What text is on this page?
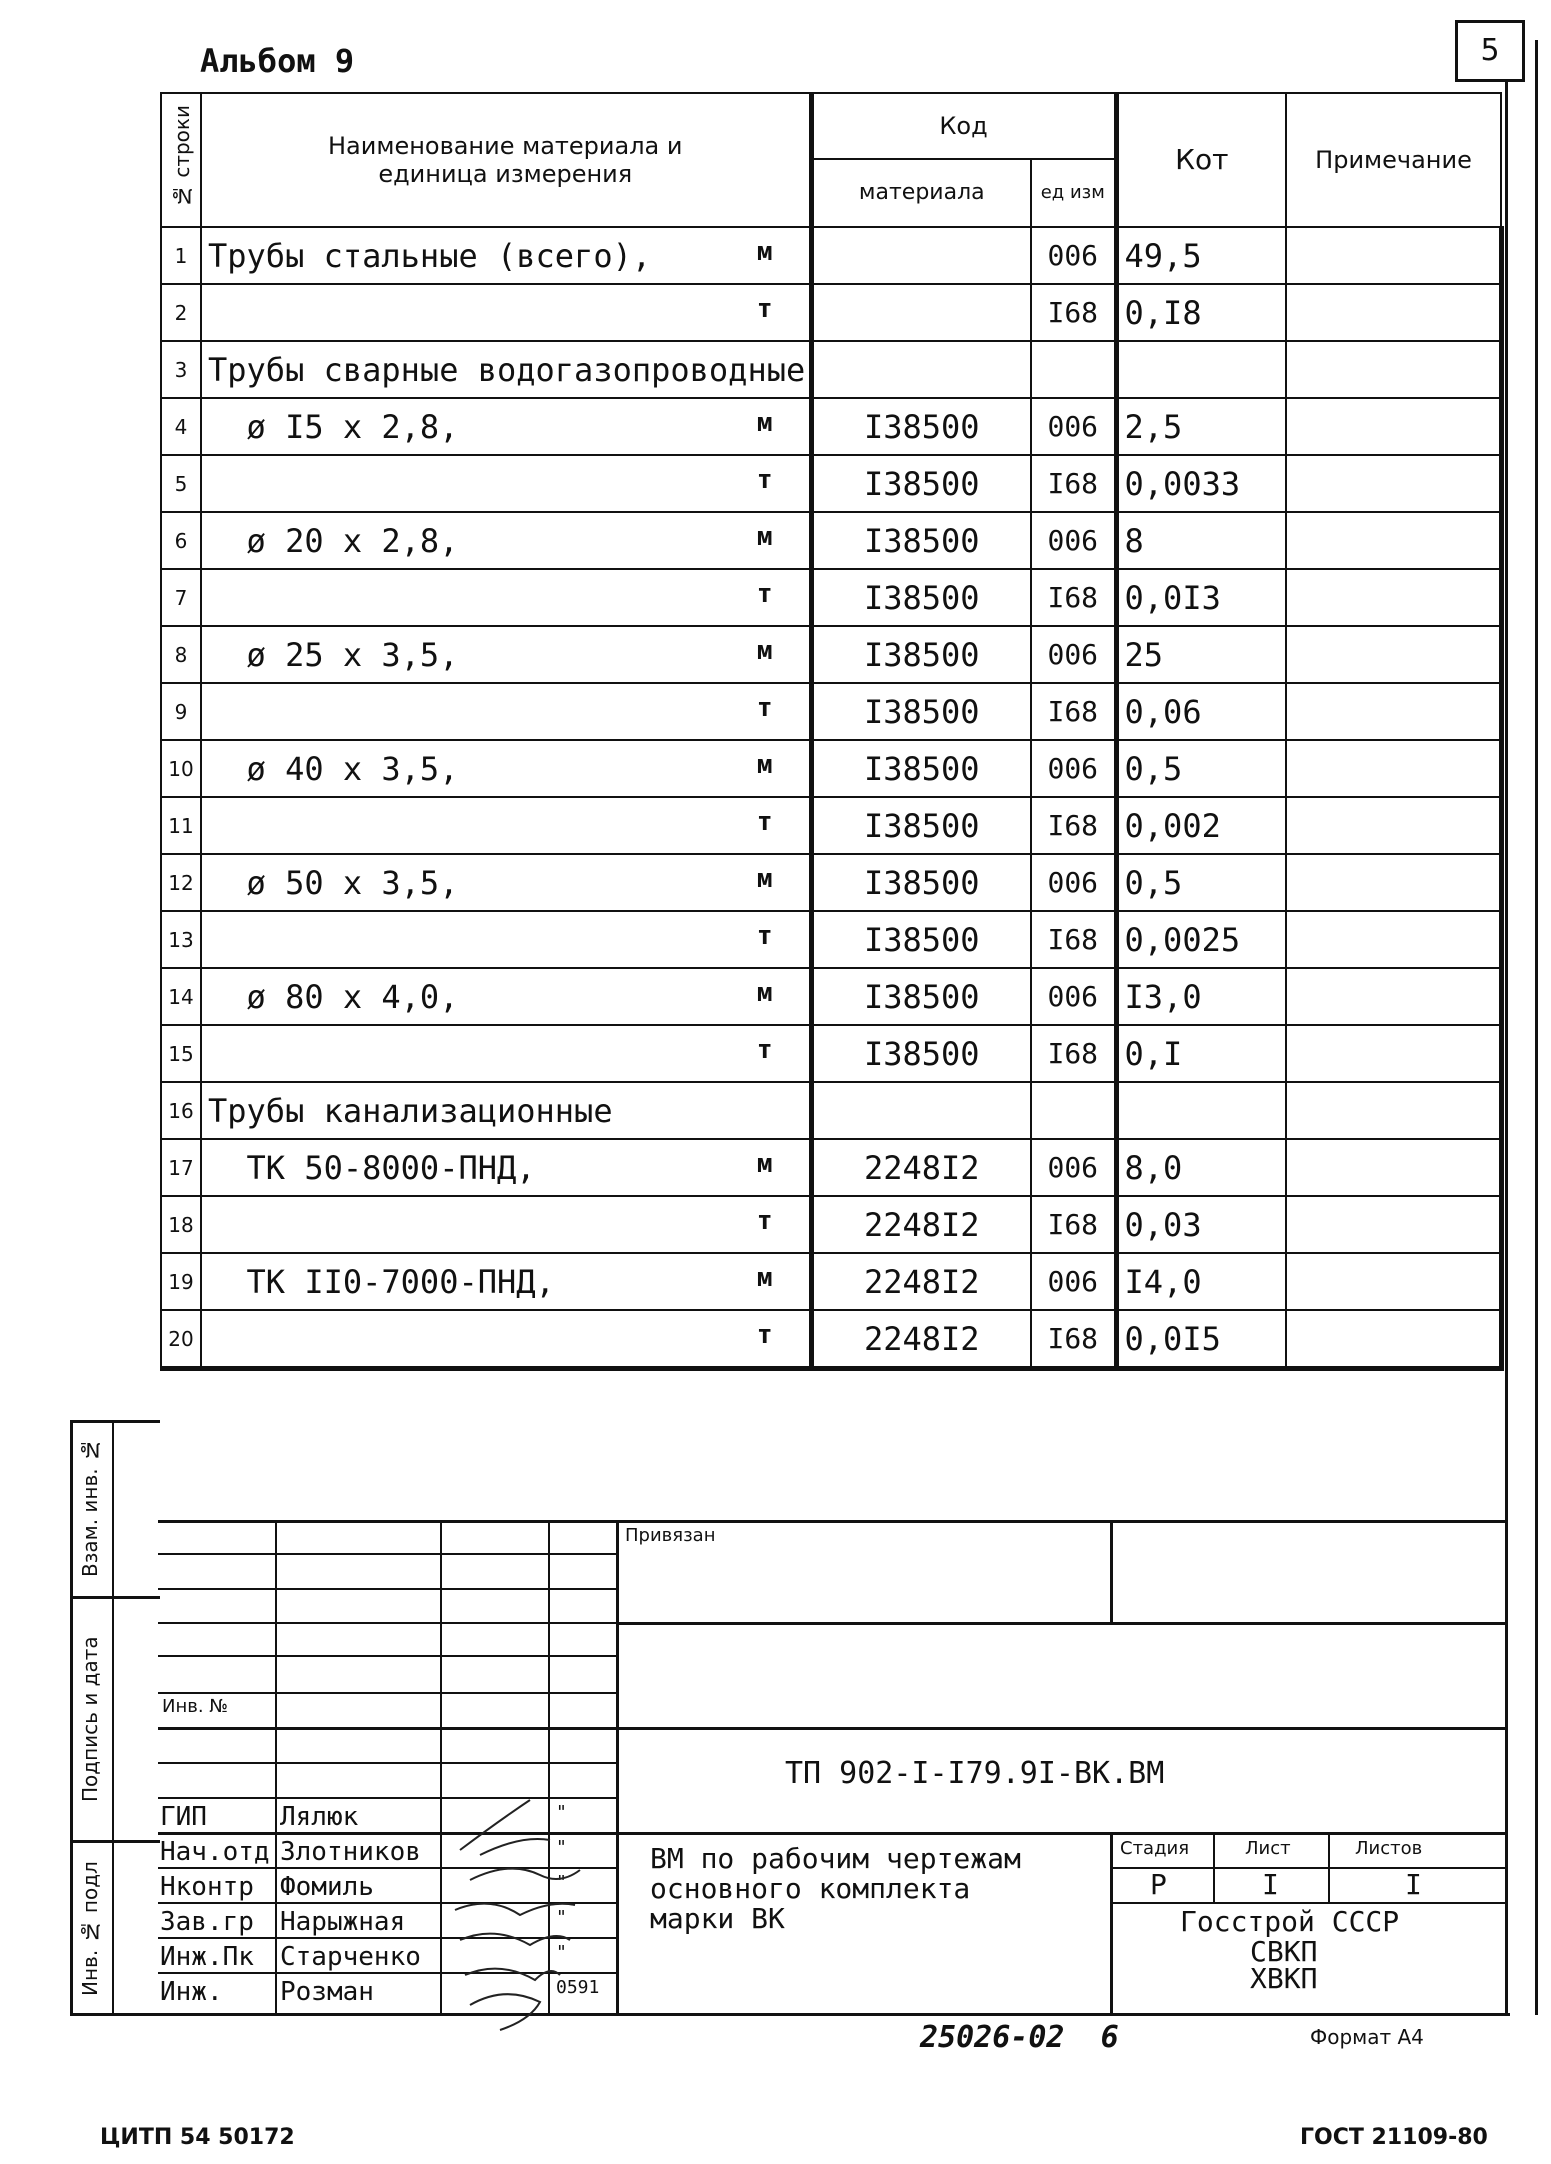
Альбом 9	5
№ строки	Наименование материала и единица измерения	Код		Кот	Примечание
		материала	ед изм		
1	Трубы стальные (всего), м		006	49,5	
2	т		I68	0,I8	
3	Трубы сварные водогазопроводные

4	ø I5 x 2,8, м	I38500	006	2,5	
5	т	I38500	I68	0,0033	
6	ø 20 x 2,8, м	I38500	006	8	
7	т	I38500	I68	0,0I3	
8	ø 25 x 3,5, м	I38500	006	25	
9	т	I38500	I68	0,06	
10	ø 40 x 3,5, м	I38500	006	0,5	
11	т	I38500	I68	0,002	
12	ø 50 x 3,5, м	I38500	006	0,5	
13	т	I38500	I68	0,0025	
14	ø 80 x 4,0, м	I38500	006	I3,0	
15	т	I38500	I68	0,I	
16	Трубы канализационные

17	ТК 50-8000-ПНД, м	2248I2	006	8,0	
18	т	2248I2	I68	0,03	
19	ТК II0-7000-ПНД, м	2248I2	006	I4,0	
20	т	2248I2	I68	0,0I5	
Взам. инв. №
Подпись и дата
Инв. № подл
Привязан
Инв. №
ТП 902-I-I79.9I-ВК.ВМ
ВМ по рабочим чертежам
основного комплекта
марки ВК
Стадия	Лист	Листов
Р	I	I
Госстрой СССР
СВКП
ХВКП
ГИП	Лялюк	"
Нач.отд Злотников	"
Нконтр Фомиль	"
Зав.гр Нарыжная	"
Инж.Пк Старченко	"
Инж. Розман	0591
25026-02  6	Формат А4
ЦИТП 54 50172	ГОСТ 21109-80
